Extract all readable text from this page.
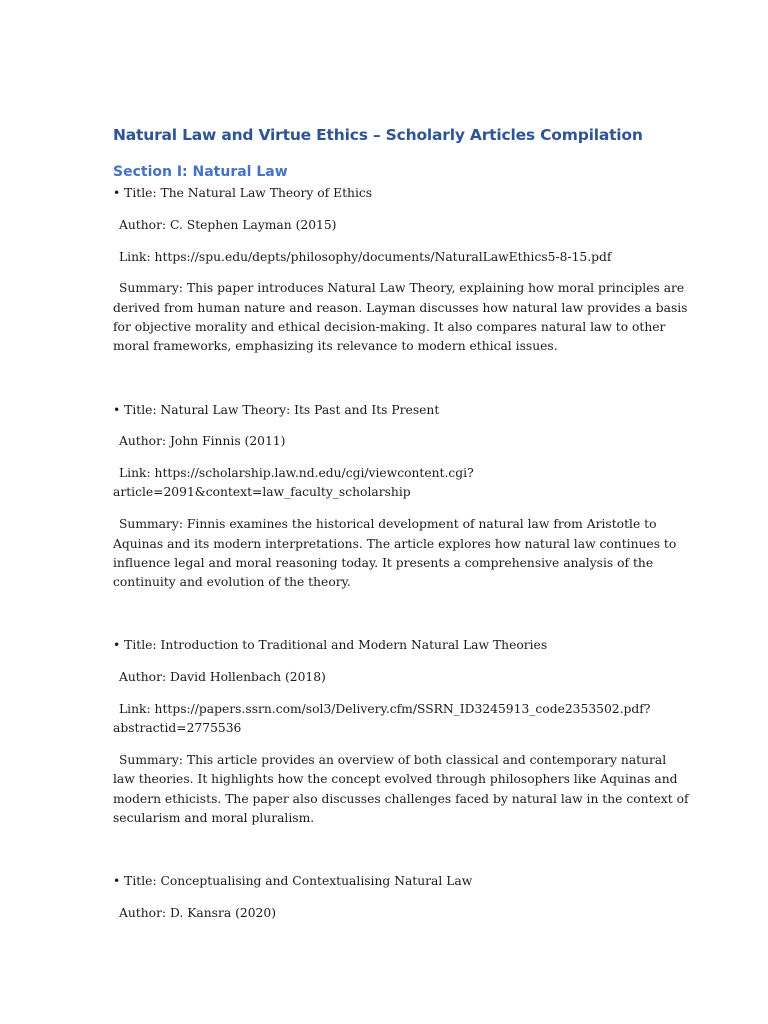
Natural Law and Virtue Ethics – Scholarly Articles Compilation
Section I: Natural Law

• Title: The Natural Law Theory of Ethics

Author: C. Stephen Layman (2015)

Link: https://spu.edu/depts/philosophy/documents/NaturalLawEthics5-8-15.pdf

Summary: This paper introduces Natural Law Theory, explaining how moral principles are

derived from human nature and reason. Layman discusses how natural law provides a basis

for objective morality and ethical decision-making. It also compares natural law to other

moral frameworks, emphasizing its relevance to modern ethical issues.

• Title: Natural Law Theory: Its Past and Its Present

Author: John Finnis (2011)

Link: https://scholarship.law.nd.edu/cgi/viewcontent.cgi?

article=2091&context=law_faculty_scholarship

Summary: Finnis examines the historical development of natural law from Aristotle to

Aquinas and its modern interpretations. The article explores how natural law continues to

influence legal and moral reasoning today. It presents a comprehensive analysis of the

continuity and evolution of the theory.

• Title: Introduction to Traditional and Modern Natural Law Theories

Author: David Hollenbach (2018)

Link: https://papers.ssrn.com/sol3/Delivery.cfm/SSRN_ID3245913_code2353502.pdf?

abstractid=2775536

Summary: This article provides an overview of both classical and contemporary natural

law theories. It highlights how the concept evolved through philosophers like Aquinas and

modern ethicists. The paper also discusses challenges faced by natural law in the context of

secularism and moral pluralism.

• Title: Conceptualising and Contextualising Natural Law

Author: D. Kansra (2020)
